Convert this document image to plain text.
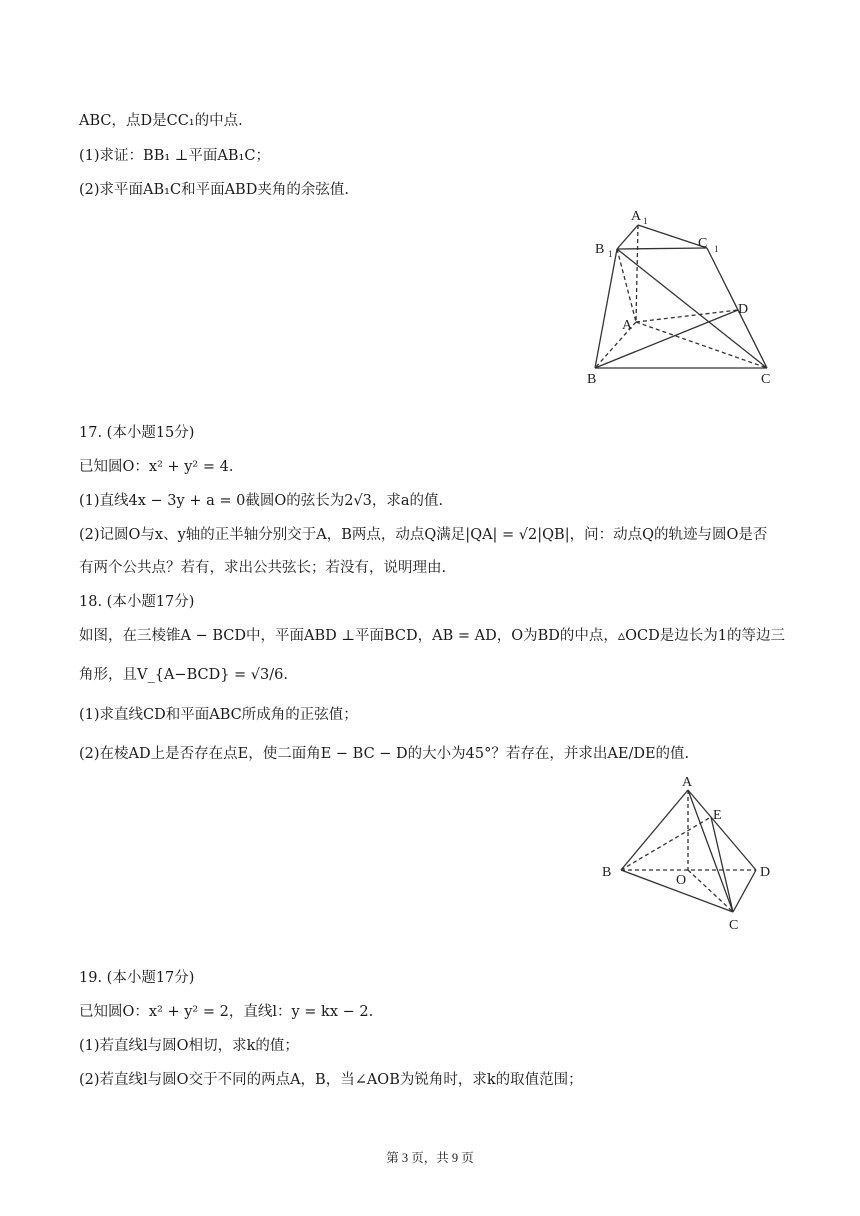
ABC，点D是CC₁的中点.
(1)求证：BB₁ ⊥平面AB₁C；
(2)求平面AB₁C和平面ABD夹角的余弦值.
A 1
B 1
C 1
A
D
B	C
17. (本小题15分)
已知圆O：x² + y² = 4.
(1)直线4x − 3y + a = 0截圆O的弦长为2√3，求a的值.
(2)记圆O与x、y轴的正半轴分别交于A，B两点，动点Q满足|QA| = √2|QB|，问：动点Q的轨迹与圆O是否
有两个公共点？若有，求出公共弦长；若没有，说明理由.
18. (本小题17分)
如图，在三棱锥A − BCD中，平面ABD ⊥平面BCD，AB = AD，O为BD的中点，▵OCD是边长为1的等边三
角形，且V_{A−BCD} = √3/6.
(1)求直线CD和平面ABC所成角的正弦值；
(2)在棱AD上是否存在点E，使二面角E − BC − D的大小为45°？若存在，并求出AE/DE的值.
A
E
B	D
O
C
19. (本小题17分)
已知圆O：x² + y² = 2，直线l：y = kx − 2.
(1)若直线l与圆O相切，求k的值；
(2)若直线l与圆O交于不同的两点A，B，当∠AOB为锐角时，求k的取值范围；
第 3 页，共 9 页
